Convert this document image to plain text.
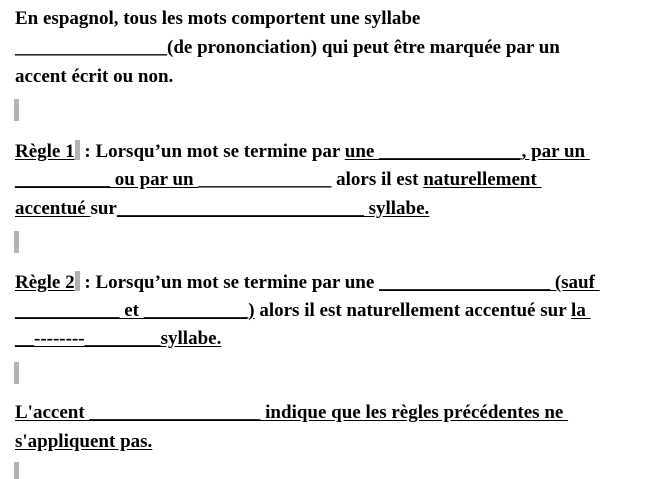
En espagnol, tous les mots comportent une syllabe
________________(de prononciation) qui peut être marquée par un
accent écrit ou non.
Règle 1 : Lorsqu’un mot se termine par une _______________, par un
__________ ou par un ______________ alors il est naturellement
accentué sur__________________________ syllabe.
Règle 2 : Lorsqu’un mot se termine par une __________________ (sauf
___________ et ___________) alors il est naturellement accentué sur la
__--------________syllabe.
L'accent __________________ indique que les règles précédentes ne
s'appliquent pas.
